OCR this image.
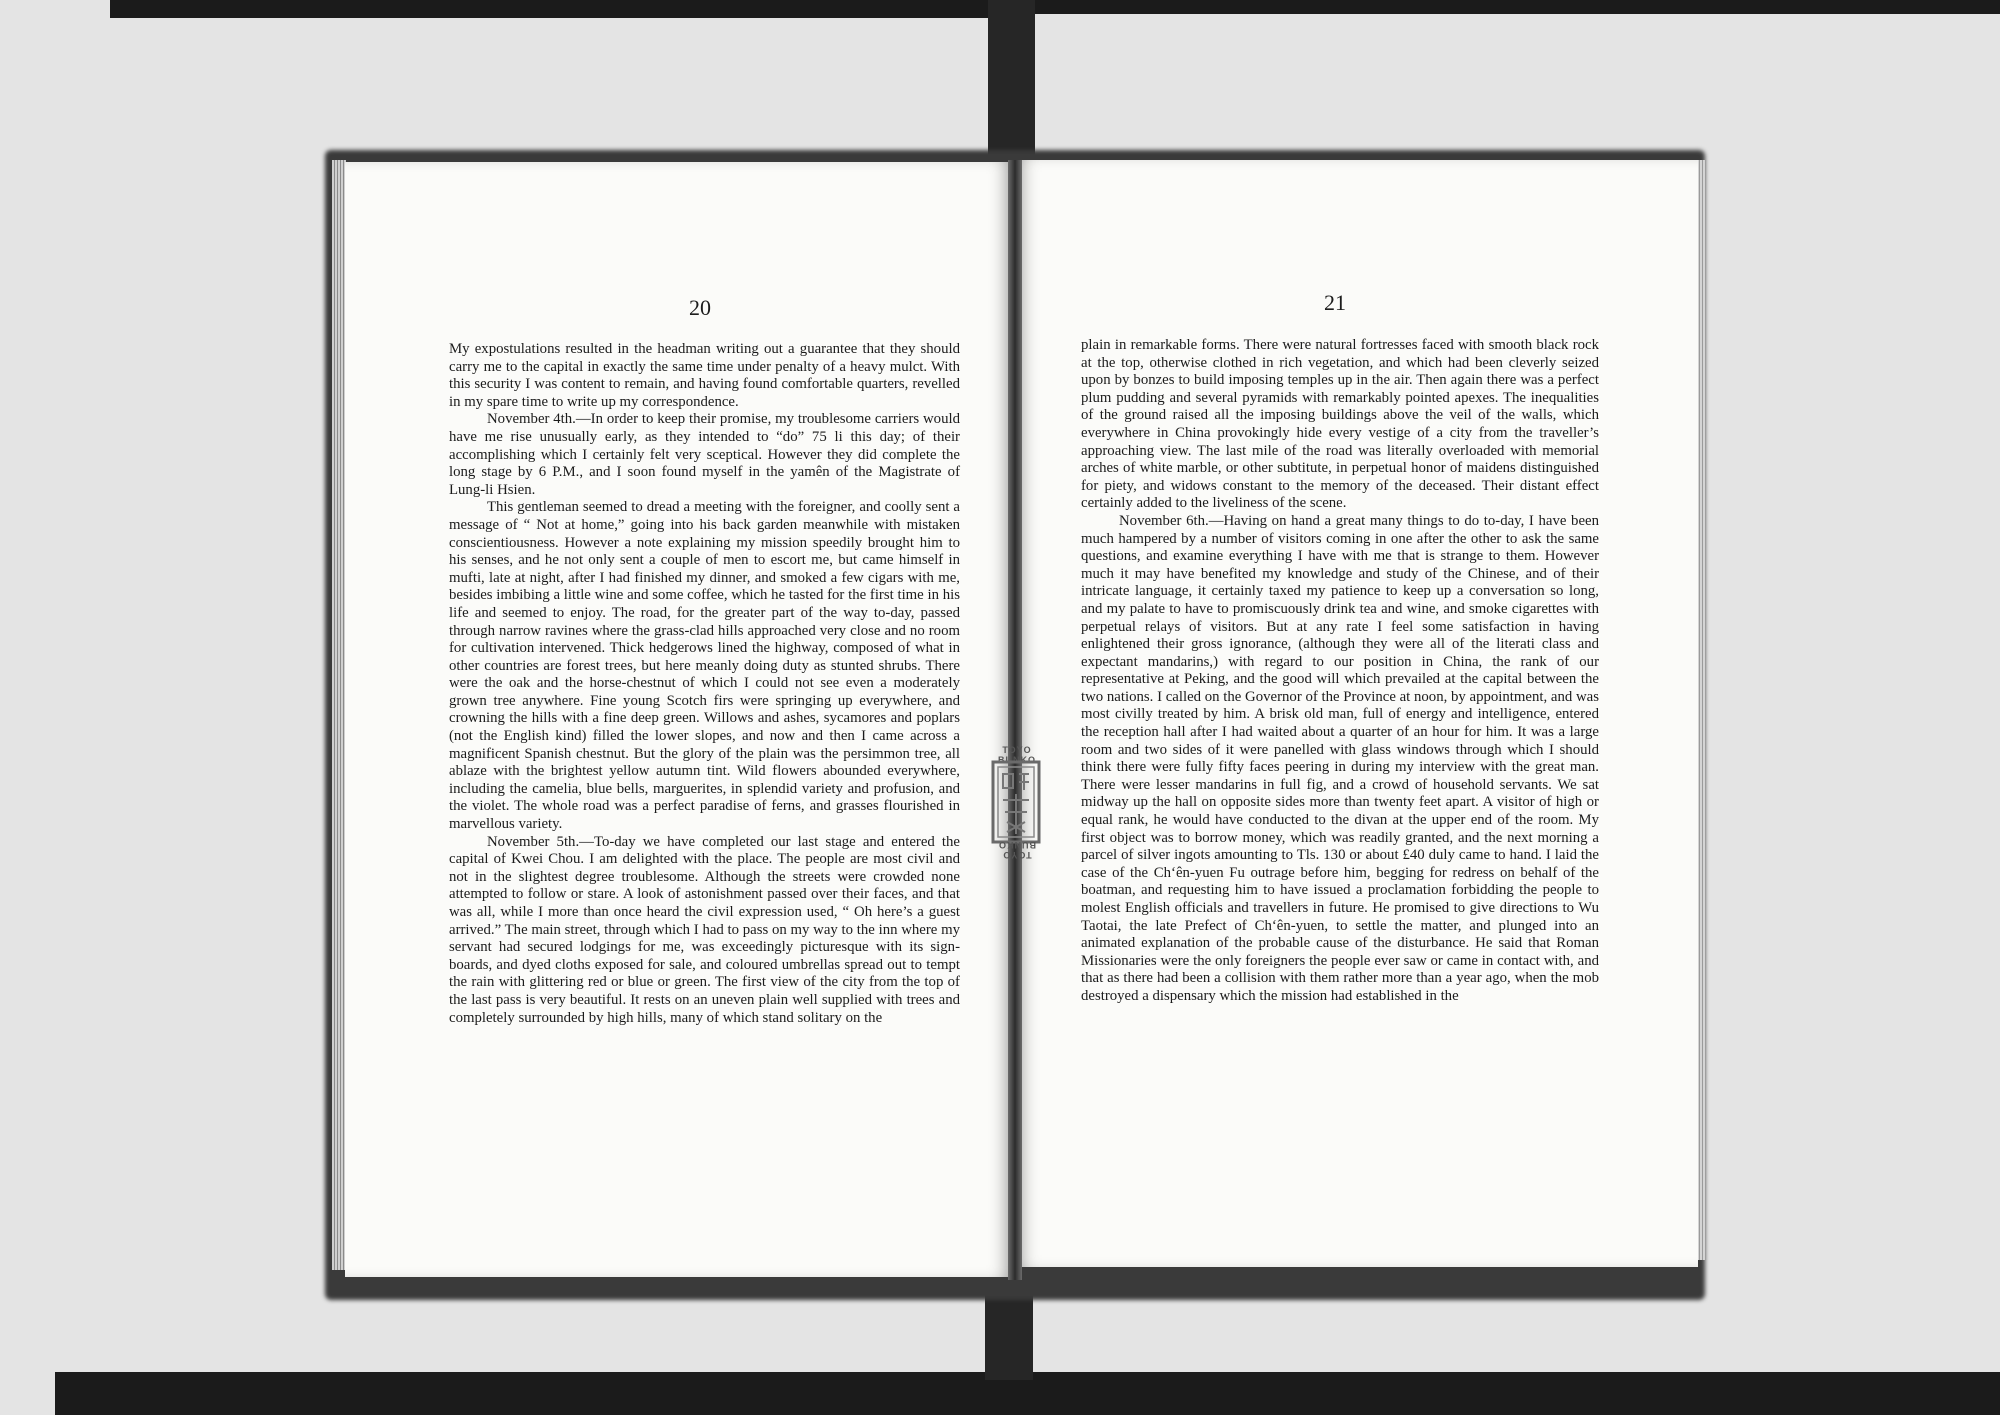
20	21

My expostulations resulted in the headman writing out a guarantee that they should carry me to the capital in exactly the same time under penalty of a heavy mulct. With this security I was content to remain, and having found comfortable quarters, revelled in my spare time to write up my correspondence.

November 4th.—In order to keep their promise, my troublesome carriers would have me rise unusually early, as they intended to “do” 75 li this day; of their accomplishing which I certainly felt very sceptical. However they did complete the long stage by 6 P.M., and I soon found myself in the yamên of the Magistrate of Lung-li Hsien.

This gentleman seemed to dread a meeting with the foreigner, and coolly sent a message of “ Not at home,” going into his back garden meanwhile with mistaken conscientiousness. However a note explaining my mission speedily brought him to his senses, and he not only sent a couple of men to escort me, but came himself in mufti, late at night, after I had finished my dinner, and smoked a few cigars with me, besides imbibing a little wine and some coffee, which he tasted for the first time in his life and seemed to enjoy. The road, for the greater part of the way to-day, passed through narrow ravines where the grass-clad hills approached very close and no room for cultivation intervened. Thick hedgerows lined the highway, composed of what in other countries are forest trees, but here meanly doing duty as stunted shrubs. There were the oak and the horse-chestnut of which I could not see even a moderately grown tree anywhere. Fine young Scotch firs were springing up everywhere, and crowning the hills with a fine deep green. Willows and ashes, sycamores and poplars (not the English kind) filled the lower slopes, and now and then I came across a magnificent Spanish chestnut. But the glory of the plain was the persimmon tree, all ablaze with the brightest yellow autumn tint. Wild flowers abounded everywhere, including the camelia, blue bells, marguerites, in splendid variety and profusion, and the violet. The whole road was a perfect paradise of ferns, and grasses flourished in marvellous variety.

November 5th.—To-day we have completed our last stage and entered the capital of Kwei Chou. I am delighted with the place. The people are most civil and not in the slightest degree troublesome. Although the streets were crowded none attempted to follow or stare. A look of astonishment passed over their faces, and that was all, while I more than once heard the civil expression used, “ Oh here’s a guest arrived.” The main street, through which I had to pass on my way to the inn where my servant had secured lodgings for me, was exceedingly picturesque with its sign-boards, and dyed cloths exposed for sale, and coloured umbrellas spread out to tempt the rain with glittering red or blue or green. The first view of the city from the top of the last pass is very beautiful. It rests on an uneven plain well supplied with trees and completely surrounded by high hills, many of which stand solitary on the

plain in remarkable forms. There were natural fortresses faced with smooth black rock at the top, otherwise clothed in rich vegetation, and which had been cleverly seized upon by bonzes to build imposing temples up in the air. Then again there was a perfect plum pudding and several pyramids with remarkably pointed apexes. The inequalities of the ground raised all the imposing buildings above the veil of the walls, which everywhere in China provokingly hide every vestige of a city from the traveller’s approaching view. The last mile of the road was literally overloaded with memorial arches of white marble, or other subtitute, in perpetual honor of maidens distinguished for piety, and widows constant to the memory of the deceased. Their distant effect certainly added to the liveliness of the scene.

November 6th.—Having on hand a great many things to do to-day, I have been much hampered by a number of visitors coming in one after the other to ask the same questions, and examine everything I have with me that is strange to them. However much it may have benefited my knowledge and study of the Chinese, and of their intricate language, it certainly taxed my patience to keep up a conversation so long, and my palate to have to promiscuously drink tea and wine, and smoke cigarettes with perpetual relays of visitors. But at any rate I feel some satisfaction in having enlightened their gross ignorance, (although they were all of the literati class and expectant mandarins,) with regard to our position in China, the rank of our representative at Peking, and the good will which prevailed at the capital between the two nations. I called on the Governor of the Province at noon, by appointment, and was most civilly treated by him. A brisk old man, full of energy and intelligence, entered the reception hall after I had waited about a quarter of an hour for him. It was a large room and two sides of it were panelled with glass windows through which I should think there were fully fifty faces peering in during my interview with the great man. There were lesser mandarins in full fig, and a crowd of household servants. We sat midway up the hall on opposite sides more than twenty feet apart. A visitor of high or equal rank, he would have conducted to the divan at the upper end of the room. My first object was to borrow money, which was readily granted, and the next morning a parcel of silver ingots amounting to Tls. 130 or about £40 duly came to hand. I laid the case of the Ch‘ên-yuen Fu outrage before him, begging for redress on behalf of the boatman, and requesting him to have issued a proclamation forbidding the people to molest English officials and travellers in future. He promised to give directions to Wu Taotai, the late Prefect of Ch‘ên-yuen, to settle the matter, and plunged into an animated explanation of the probable cause of the disturbance. He said that Roman Missionaries were the only foreigners the people ever saw or came in contact with, and that as there had been a collision with them rather more than a year ago, when the mob destroyed a dispensary which the mission had established in the

TOYO BUNKO
TOYO BUNKO
